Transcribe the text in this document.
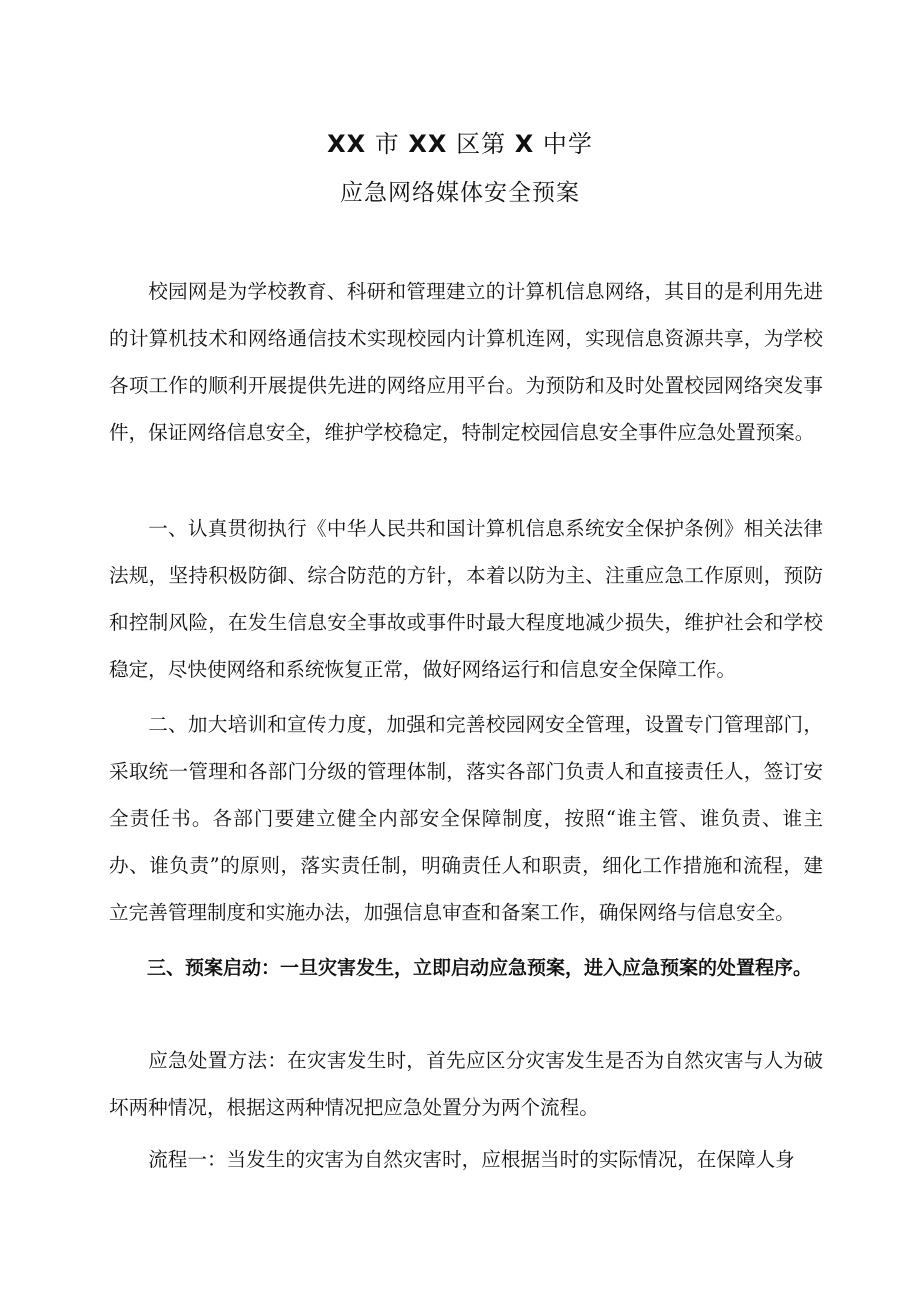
XX 市 XX 区第 X 中学
应急网络媒体安全预案

校园网是为学校教育、科研和管理建立的计算机信息网络，其目的是利用先进的计算机技术和网络通信技术实现校园内计算机连网，实现信息资源共享，为学校各项工作的顺利开展提供先进的网络应用平台。为预防和及时处置校园网络突发事件，保证网络信息安全，维护学校稳定，特制定校园信息安全事件应急处置预案。

一、认真贯彻执行《中华人民共和国计算机信息系统安全保护条例》相关法律法规，坚持积极防御、综合防范的方针，本着以防为主、注重应急工作原则，预防和控制风险，在发生信息安全事故或事件时最大程度地减少损失，维护社会和学校稳定，尽快使网络和系统恢复正常，做好网络运行和信息安全保障工作。

二、加大培训和宣传力度，加强和完善校园网安全管理，设置专门管理部门，采取统一管理和各部门分级的管理体制，落实各部门负责人和直接责任人，签订安全责任书。各部门要建立健全内部安全保障制度，按照“谁主管、谁负责、谁主办、谁负责”的原则，落实责任制，明确责任人和职责，细化工作措施和流程，建立完善管理制度和实施办法，加强信息审查和备案工作，确保网络与信息安全。

三、预案启动：一旦灾害发生，立即启动应急预案，进入应急预案的处置程序。

应急处置方法：在灾害发生时，首先应区分灾害发生是否为自然灾害与人为破坏两种情况，根据这两种情况把应急处置分为两个流程。

流程一：当发生的灾害为自然灾害时，应根据当时的实际情况，在保障人身
